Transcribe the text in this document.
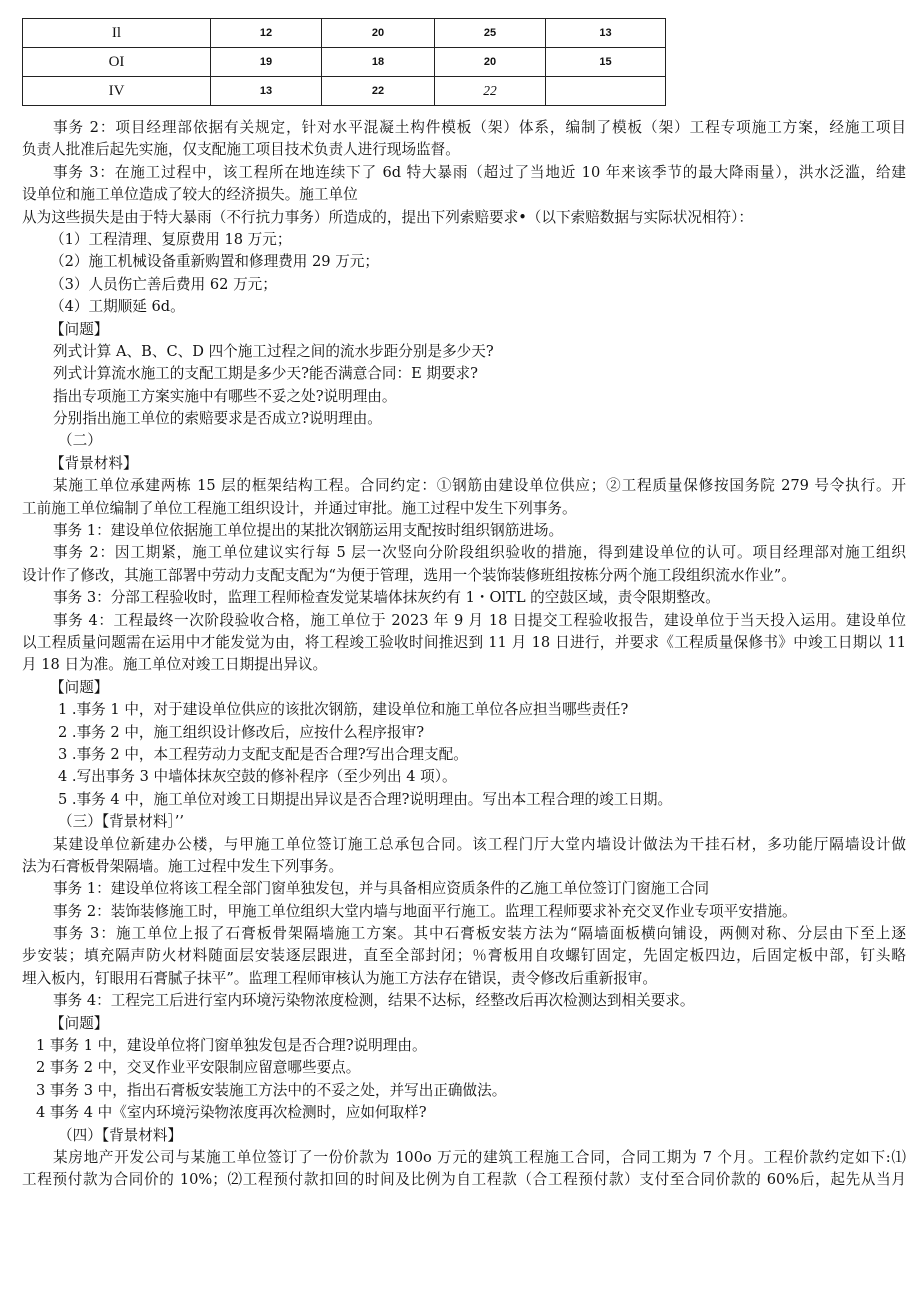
Il	12	20	25	13
OI	19	18	20	15
IV	13	22	22	
事务 2：项目经理部依据有关规定，针对水平混凝土构件模板（架）体系，编制了模板（架）工程专项施工方案，经施工项目
负责人批准后起先实施，仅支配施工项目技术负责人进行现场监督。
事务 3：在施工过程中，该工程所在地连续下了 6d 特大暴雨（超过了当地近 10 年来该季节的最大降雨量），洪水泛滥，给建
设单位和施工单位造成了较大的经济损失。施工单位
从为这些损失是由于特大暴雨（不行抗力事务）所造成的，提出下列索赔要求•（以下索赔数据与实际状况相符）：
（1）工程清理、复原费用 18 万元；
（2）施工机械设备重新购置和修理费用 29 万元；
（3）人员伤亡善后费用 62 万元；
（4）工期顺延 6d。
【问题】
列式计算 A、B、C、D 四个施工过程之间的流水步距分别是多少天?
列式计算流水施工的支配工期是多少天?能否满意合同：E 期要求?
指出专项施工方案实施中有哪些不妥之处?说明理由。
分别指出施工单位的索赔要求是否成立?说明理由。
（二）
【背景材料】
某施工单位承建两栋 15 层的框架结构工程。合同约定：①钢筋由建设单位供应；②工程质量保修按国务院 279 号令执行。开
工前施工单位编制了单位工程施工组织设计，并通过审批。施工过程中发生下列事务。
事务 1：建设单位依据施工单位提出的某批次钢筋运用支配按时组织钢筋进场。
事务 2：因工期紧，施工单位建议实行每 5 层一次竖向分阶段组织验收的措施，得到建设单位的认可。项目经理部对施工组织
设计作了修改，其施工部署中劳动力支配支配为“为便于管理，选用一个装饰装修班组按栋分两个施工段组织流水作业”。
事务 3：分部工程验收时，监理工程师检查发觉某墙体抹灰约有 1・OlTL 的空鼓区域，责令限期整改。
事务 4：工程最终一次阶段验收合格，施工单位于 2023 年 9 月 18 日提交工程验收报告，建设单位于当天投入运用。建设单位
以工程质量问题需在运用中才能发觉为由，将工程竣工验收时间推迟到 11 月 18 日进行，并要求《工程质量保修书》中竣工日期以 11
月 18 日为准。施工单位对竣工日期提出异议。
【问题】
1 .事务 1 中，对于建设单位供应的该批次钢筋，建设单位和施工单位各应担当哪些责任?
2 .事务 2 中，施工组织设计修改后，应按什么程序报审?
3 .事务 2 中，本工程劳动力支配支配是否合理?写出合理支配。
4 .写出事务 3 中墙体抹灰空鼓的修补程序（至少列出 4 项）。
5 .事务 4 中，施工单位对竣工日期提出异议是否合理?说明理由。写出本工程合理的竣工日期。
（三）【背景材料］’’
某建设单位新建办公楼，与甲施工单位签订施工总承包合同。该工程门厅大堂内墙设计做法为干挂石材，多功能厅隔墙设计做
法为石膏板骨架隔墙。施工过程中发生下列事务。
事务 1：建设单位将该工程全部门窗单独发包，并与具备相应资质条件的乙施工单位签订门窗施工合同
事务 2：装饰装修施工时，甲施工单位组织大堂内墙与地面平行施工。监理工程师要求补充交叉作业专项平安措施。
事务 3：施工单位上报了石膏板骨架隔墙施工方案。其中石膏板安装方法为“隔墙面板横向铺设，两侧对称、分层由下至上逐
步安装；填充隔声防火材料随面层安装逐层跟进，直至全部封闭；％膏板用自攻螺钉固定，先固定板四边，后固定板中部，钉头略
埋入板内，钉眼用石膏腻子抹平”。监理工程师审核认为施工方法存在错误，责令修改后重新报审。
事务 4：工程完工后进行室内环境污染物浓度检测，结果不达标，经整改后再次检测达到相关要求。
【问题】
1 事务 1 中，建设单位将门窗单独发包是否合理?说明理由。
2 事务 2 中，交叉作业平安限制应留意哪些要点。
3 事务 3 中，指出石膏板安装施工方法中的不妥之处，并写出正确做法。
4 事务 4 中《室内环境污染物浓度再次检测时，应如何取样?
（四）【背景材料】
某房地产开发公司与某施工单位签订了一份价款为 100o 万元的建筑工程施工合同，合同工期为 7 个月。工程价款约定如下:⑴
工程预付款为合同价的 10%；⑵工程预付款扣回的时间及比例为自工程款（合工程预付款）支付至合同价款的 60%后，起先从当月
